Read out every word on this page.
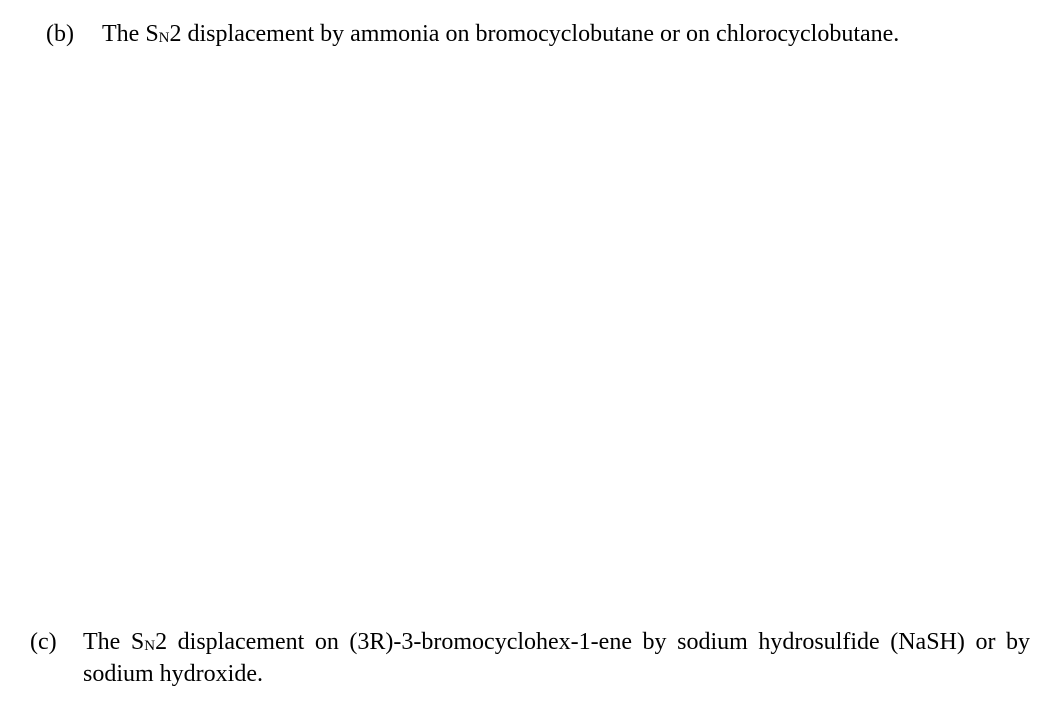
(b) The SN2 displacement by ammonia on bromocyclobutane or on chlorocyclobutane.
(c) The SN2 displacement on (3R)-3-bromocyclohex-1-ene by sodium hydrosulfide (NaSH) or by sodium hydroxide.
